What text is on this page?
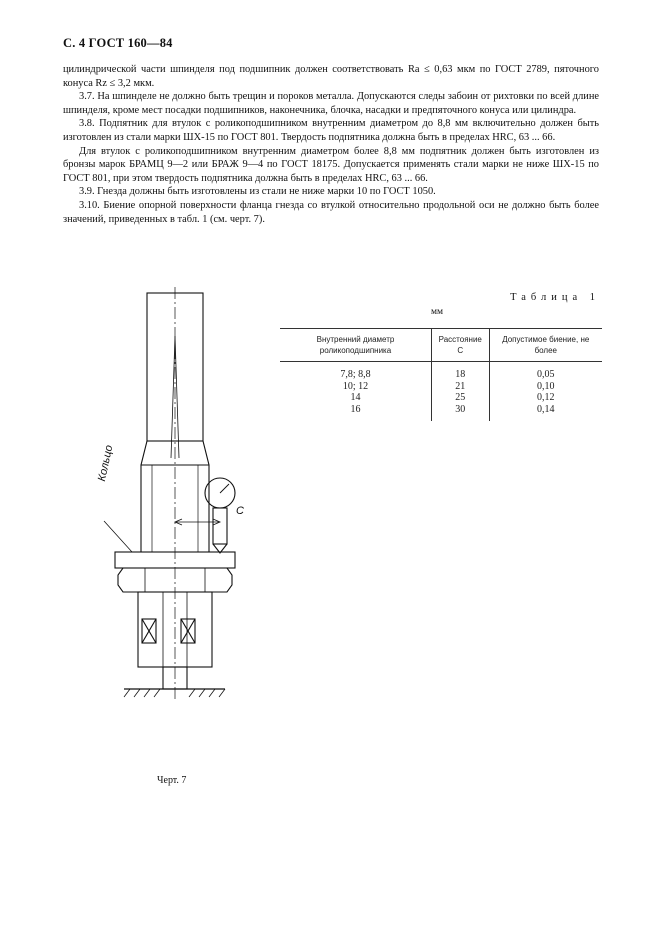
С. 4 ГОСТ 160—84

цилиндрической части шпинделя под подшипник должен соответствовать Ra ≤ 0,63 мкм по ГОСТ 2789, пяточного конуса Rz ≤ 3,2 мкм.

3.7. На шпинделе не должно быть трещин и пороков металла. Допускаются следы забоин от рихтовки по всей длине шпинделя, кроме мест посадки подшипников, наконечника, блочка, насадки и предпяточного конуса или цилиндра.

3.8. Подпятник для втулок с роликоподшипником внутренним диаметром до 8,8 мм включительно должен быть изготовлен из стали марки ШХ-15 по ГОСТ 801. Твердость подпятника должна быть в пределах HRC, 63 ... 66.

Для втулок с роликоподшипником внутренним диаметром более 8,8 мм подпятник должен быть изготовлен из бронзы марок БРАМЦ 9—2 или БРАЖ 9—4 по ГОСТ 18175. Допускается применять стали марки не ниже ШХ-15 по ГОСТ 801, при этом твердость подпятника должна быть в пределах HRC, 63 ... 66.

3.9. Гнезда должны быть изготовлены из стали не ниже марки 10 по ГОСТ 1050.

3.10. Биение опорной поверхности фланца гнезда со втулкой относительно продольной оси не должно быть более значений, приведенных в табл. 1 (см. черт. 7).

Таблица 1
мм
Внутренний диаметр роликоподшипника	Расстояние C	Допустимое биение, не более
7,8; 8,8	18	0,05
10; 12	21	0,10
14	25	0,12
16	30	0,14
Кольцо
C
Черт. 7
